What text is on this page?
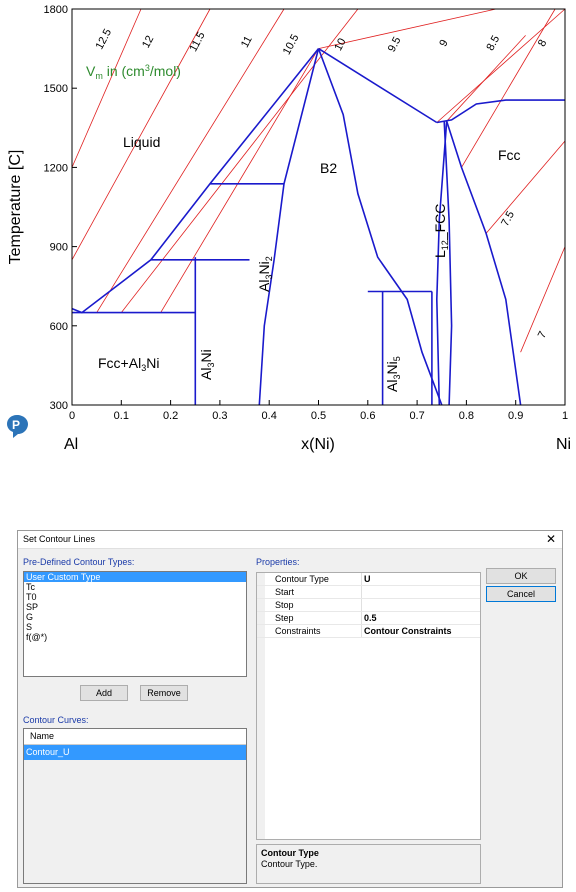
300
600
900
1200
1500
1800
0	0.1	0.2	0.3	0.4	0.5	0.6	0.7	0.8	0.9	1
12.5 12	11.5	11 10.5	10	9.5	9	8.5	8
7.5
7
Temperature [C]
x(Ni)
Al	Ni
$V_m$ in $(cm^3/mol)$
Liquid
B2
Fcc
$Fcc+Al_3Ni$
$Al_3Ni$
$Al_3Ni_2$
$Al_3Ni_5$
$L_{12}\_FCC$
P
Set Contour Lines	✕
Pre-Defined Contour Types:
User Custom Type
Tc
T0
SP
G
S
f(@*)
Add	Remove
Contour Curves:
Name
Contour_U
Properties:
Contour Type	U
Start
Stop
Step	0.5
Constraints	Contour Constraints
Contour Type
Contour Type.
OK
Cancel
